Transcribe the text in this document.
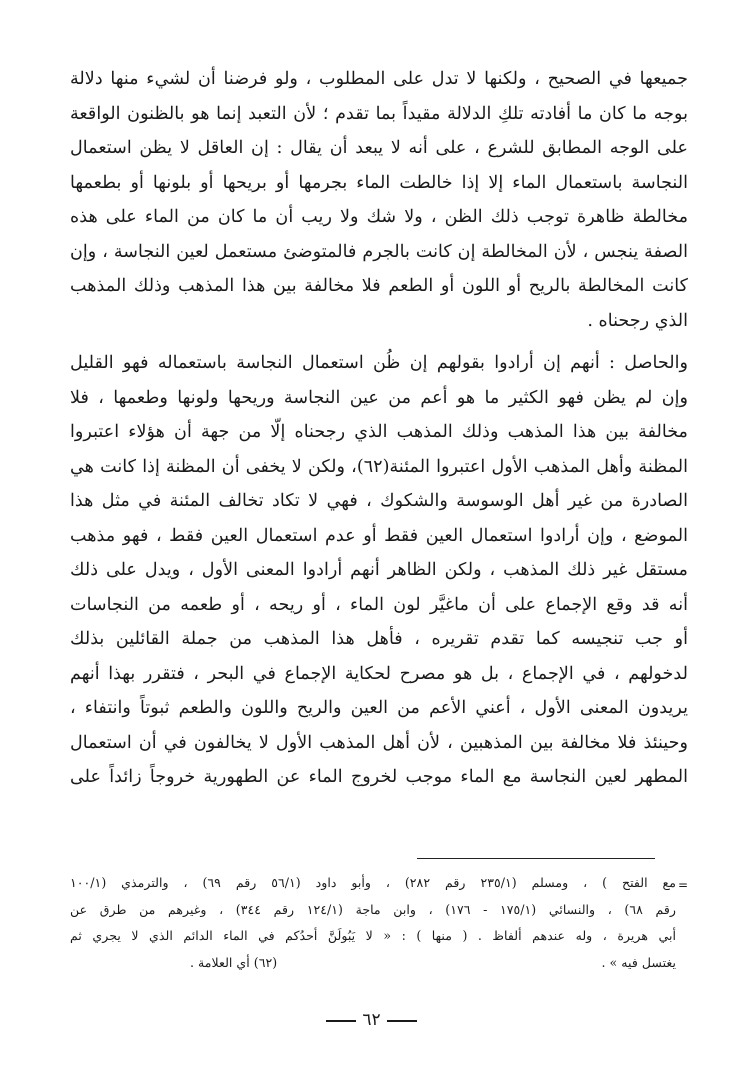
جميعها في الصحيح ، ولكنها لا تدل على المطلوب ، ولو فرضنا أن لشيء منها دلالة
بوجه ما كان ما أفادته تلكِ الدلالة مقيداً بما تقدم ؛ لأن التعبد إنما هو بالظنون الواقعة
على الوجه المطابق للشرع ، على أنه لا يبعد أن يقال : إن العاقل لا يظن استعمال
النجاسة باستعمال الماء إلا إذا خالطت الماء بجرمها أو بريحها أو بلونها أو بطعمها
مخالطة ظاهرة توجب ذلك الظن ، ولا شك ولا ريب أن ما كان من الماء على هذه
الصفة ينجس ، لأن المخالطة إن كانت بالجرم فالمتوضئ مستعمل لعين النجاسة ، وإن
كانت المخالطة بالريح أو اللون أو الطعم فلا مخالفة بين هذا المذهب وذلك المذهب
الذي رجحناه .
والحاصل : أنهم إن أرادوا بقولهم إن ظُن استعمال النجاسة باستعماله فهو القليل
وإن لم يظن فهو الكثير ما هو أعم من عين النجاسة وريحها ولونها وطعمها ، فلا
مخالفة بين هذا المذهب وذلك المذهب الذي رجحناه إلّا من جهة أن هؤلاء اعتبروا
المظنة وأهل المذهب الأول اعتبروا المئنة(٦٢)، ولكن لا يخفى أن المظنة إذا كانت هي
الصادرة من غير أهل الوسوسة والشكوك ، فهي لا تكاد تخالف المئنة في مثل هذا
الموضع ، وإن أرادوا استعمال العين فقط أو عدم استعمال العين فقط ، فهو مذهب
مستقل غير ذلك المذهب ، ولكن الظاهر أنهم أرادوا المعنى الأول ، ويدل على ذلك
أنه قد وقع الإجماع على أن ماغيَّر لون الماء ، أو ريحه ، أو طعمه من النجاسات
أو جب تنجيسه كما تقدم تقريره ، فأهل هذا المذهب من جملة القائلين بذلك
لدخولهم ، في الإجماع ، بل هو مصرح لحكاية الإجماع في البحر ، فتقرر بهذا أنهم
يريدون المعنى الأول ، أعني الأعم من العين والريح واللون والطعم ثبوتاً وانتفاء ،
وحينئذ فلا مخالفة بين المذهبين ، لأن أهل المذهب الأول لا يخالفون في أن استعمال
المطهر لعين النجاسة مع الماء موجب لخروج الماء عن الطهورية خروجاً زائداً على
=
مع الفتح ) ، ومسلم (٢٣٥/١ رقم ٢٨٢) ، وأبو داود (٥٦/١ رقم ٦٩) ، والترمذي (١٠٠/١
رقم ٦٨) ، والنسائي (١٧٥/١ - ١٧٦) ، وابن ماجة (١٢٤/١ رقم ٣٤٤) ، وغيرهم من طرق عن
أبي هريرة ، وله عندهم ألفاظ . ( منها ) : « لا يَبُولَنَّ أحدُكم في الماء الدائم الذي لا يجري ثم
يغتسل فيه » .
(٦٢) أي العلامة .
٦٢
